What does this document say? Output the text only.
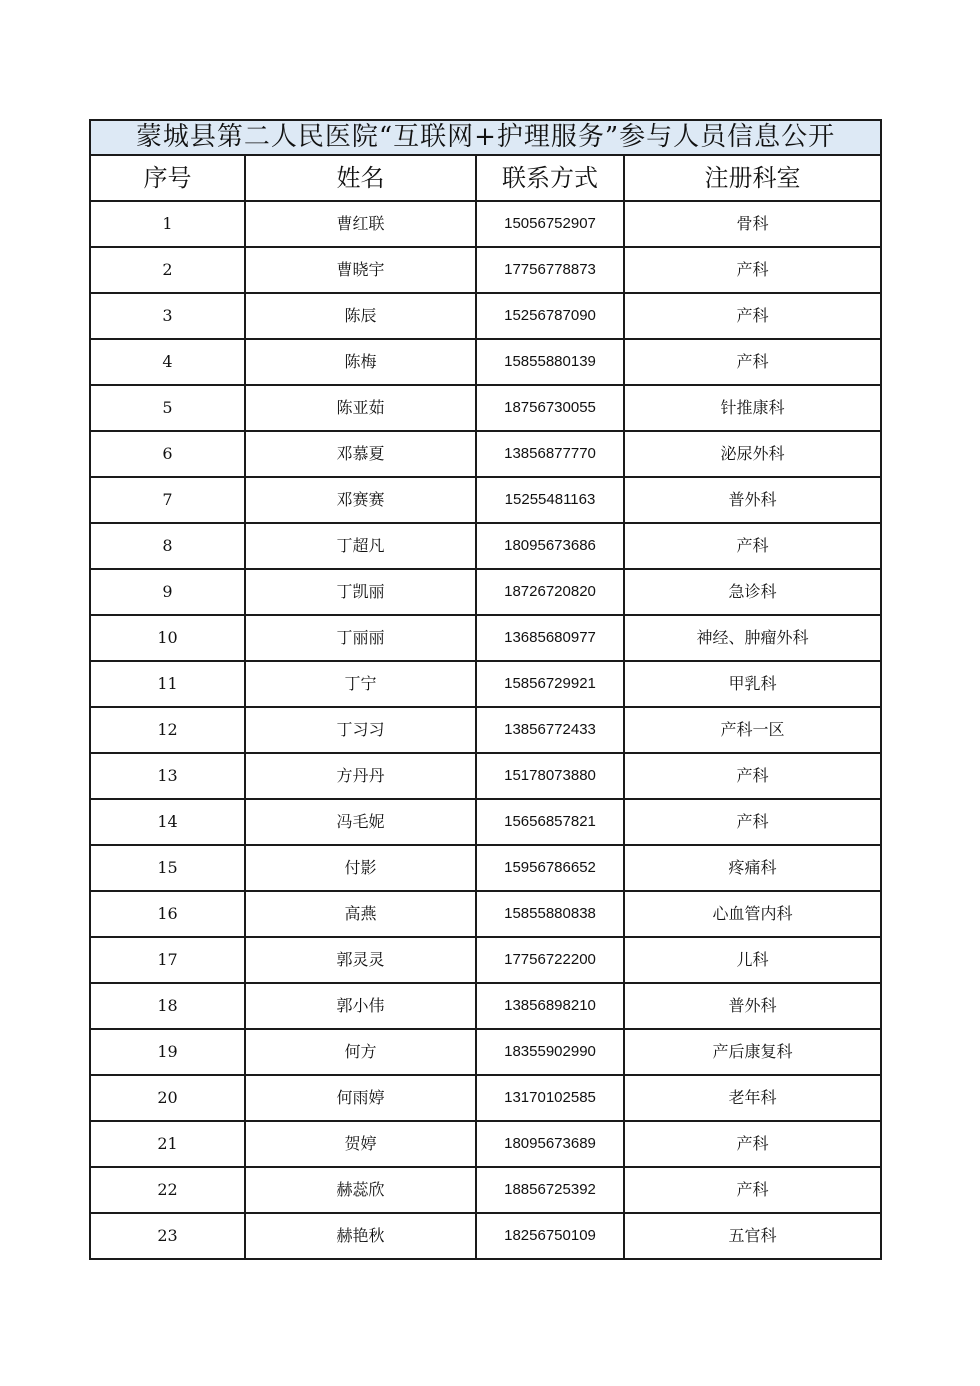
蒙城县第二人民医院“互联网+护理服务”参与人员信息公开			
序号	姓名	联系方式	注册科室
1	曹红联	15056752907	骨科
2	曹晓宇	17756778873	产科
3	陈辰	15256787090	产科
4	陈梅	15855880139	产科
5	陈亚茹	18756730055	针推康科
6	邓慕夏	13856877770	泌尿外科
7	邓赛赛	15255481163	普外科
8	丁超凡	18095673686	产科
9	丁凯丽	18726720820	急诊科
10	丁丽丽	13685680977	神经、肿瘤外科
11	丁宁	15856729921	甲乳科
12	丁习习	13856772433	产科一区
13	方丹丹	15178073880	产科
14	冯毛妮	15656857821	产科
15	付影	15956786652	疼痛科
16	高燕	15855880838	心血管内科
17	郭灵灵	17756722200	儿科
18	郭小伟	13856898210	普外科
19	何方	18355902990	产后康复科
20	何雨婷	13170102585	老年科
21	贺婷	18095673689	产科
22	赫蕊欣	18856725392	产科
23	赫艳秋	18256750109	五官科
